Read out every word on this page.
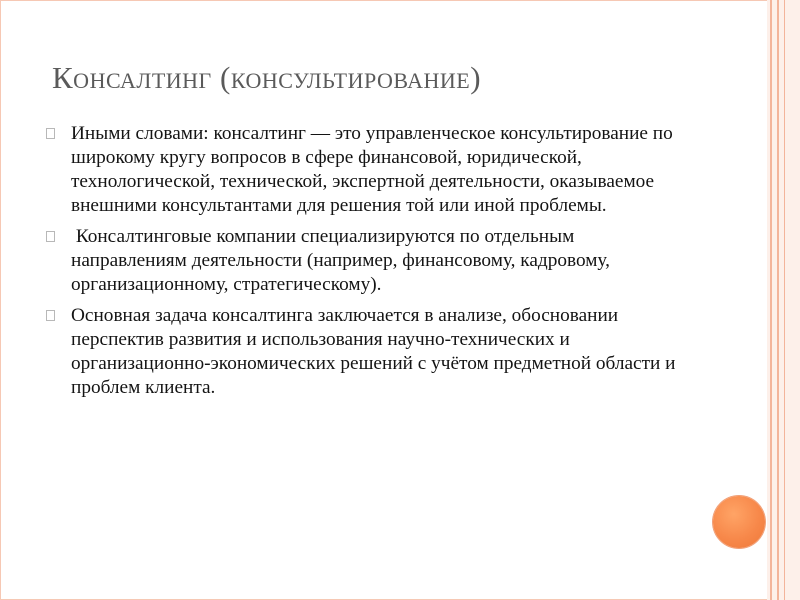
Консалтинг (консультирование)
Иными словами: консалтинг — это управленческое консультирование по широкому кругу вопросов в сфере финансовой, юридической, технологической, технической, экспертной деятельности, оказываемое внешними консультантами для решения той или иной проблемы.
Консалтинговые компании специализируются по отдельным направлениям деятельности (например, финансовому, кадровому, организационному, стратегическому).
Основная задача консалтинга заключается в анализе, обосновании перспектив развития и использования научно-технических и организационно-экономических решений с учётом предметной области и проблем клиента.
